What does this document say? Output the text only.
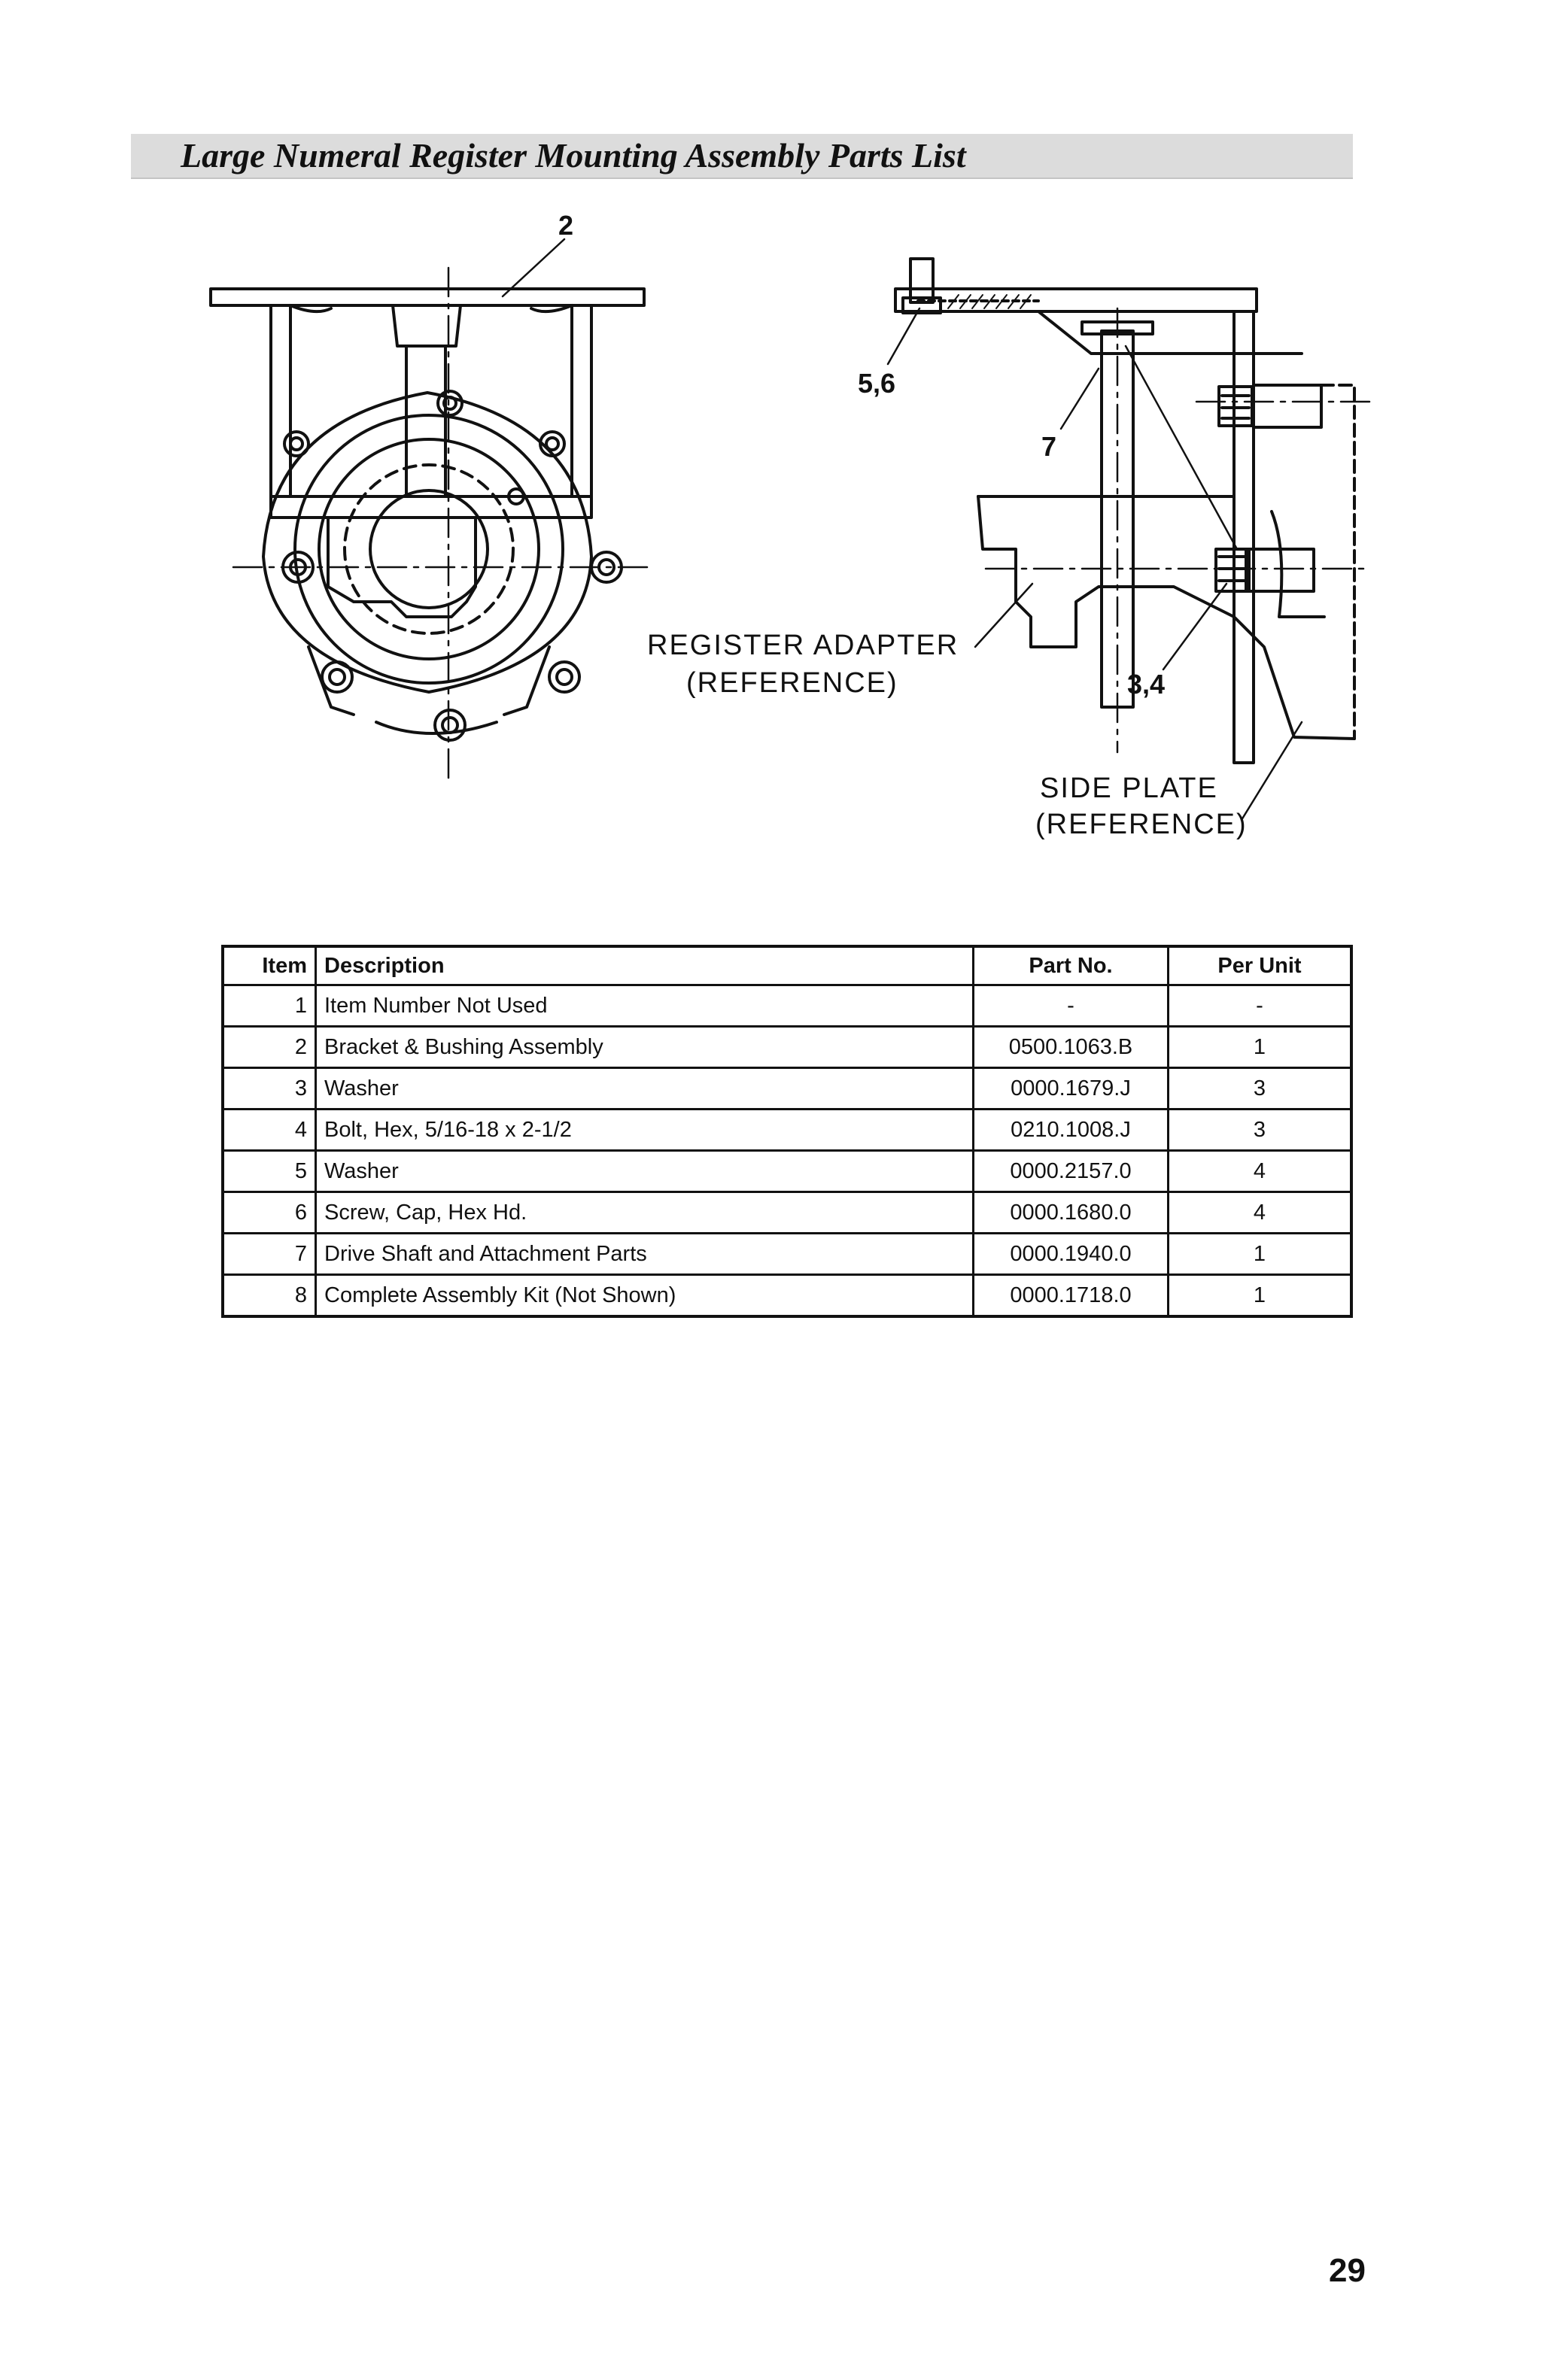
Large Numeral Register Mounting Assembly Parts List
2
5,6
7
3,4
REGISTER ADAPTER
(REFERENCE)
SIDE PLATE
(REFERENCE)
Item	Description	Part No.	Per Unit
1	Item Number Not Used	-	-
2	Bracket & Bushing Assembly	0500.1063.B	1
3	Washer	0000.1679.J	3
4	Bolt, Hex, 5/16-18 x 2-1/2	0210.1008.J	3
5	Washer	0000.2157.0	4
6	Screw, Cap, Hex Hd.	0000.1680.0	4
7	Drive Shaft and Attachment Parts	0000.1940.0	1
8	Complete Assembly Kit (Not Shown)	0000.1718.0	1
29
